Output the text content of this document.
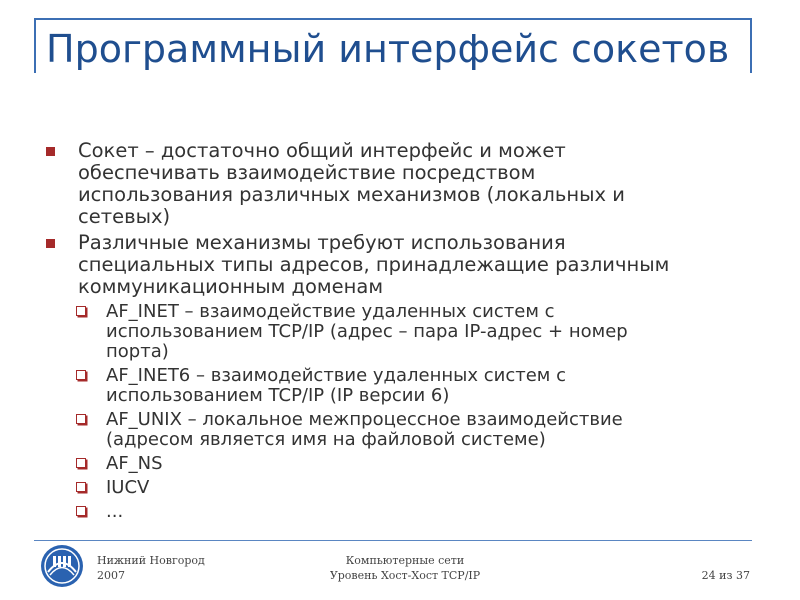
Программный интерфейс сокетов
Сокет – достаточно общий интерфейс и может
обеспечивать взаимодействие посредством
использования различных механизмов (локальных и
сетевых)
Различные механизмы требуют использования
специальных типы адресов, принадлежащие различным
коммуникационным доменам
AF_INET – взаимодействие удаленных систем с
использованием TCP/IP (адрес – пара IP-адрес + номер
порта)
AF_INET6 – взаимодействие удаленных систем с
использованием TCP/IP (IP версии 6)
AF_UNIX – локальное межпроцессное взаимодействие
(адресом является имя на файловой системе)
AF_NS
IUCV
...
Нижний Новгород
2007
Компьютерные сети
Уровень Хост-Хост TCP/IP	24 из 37
